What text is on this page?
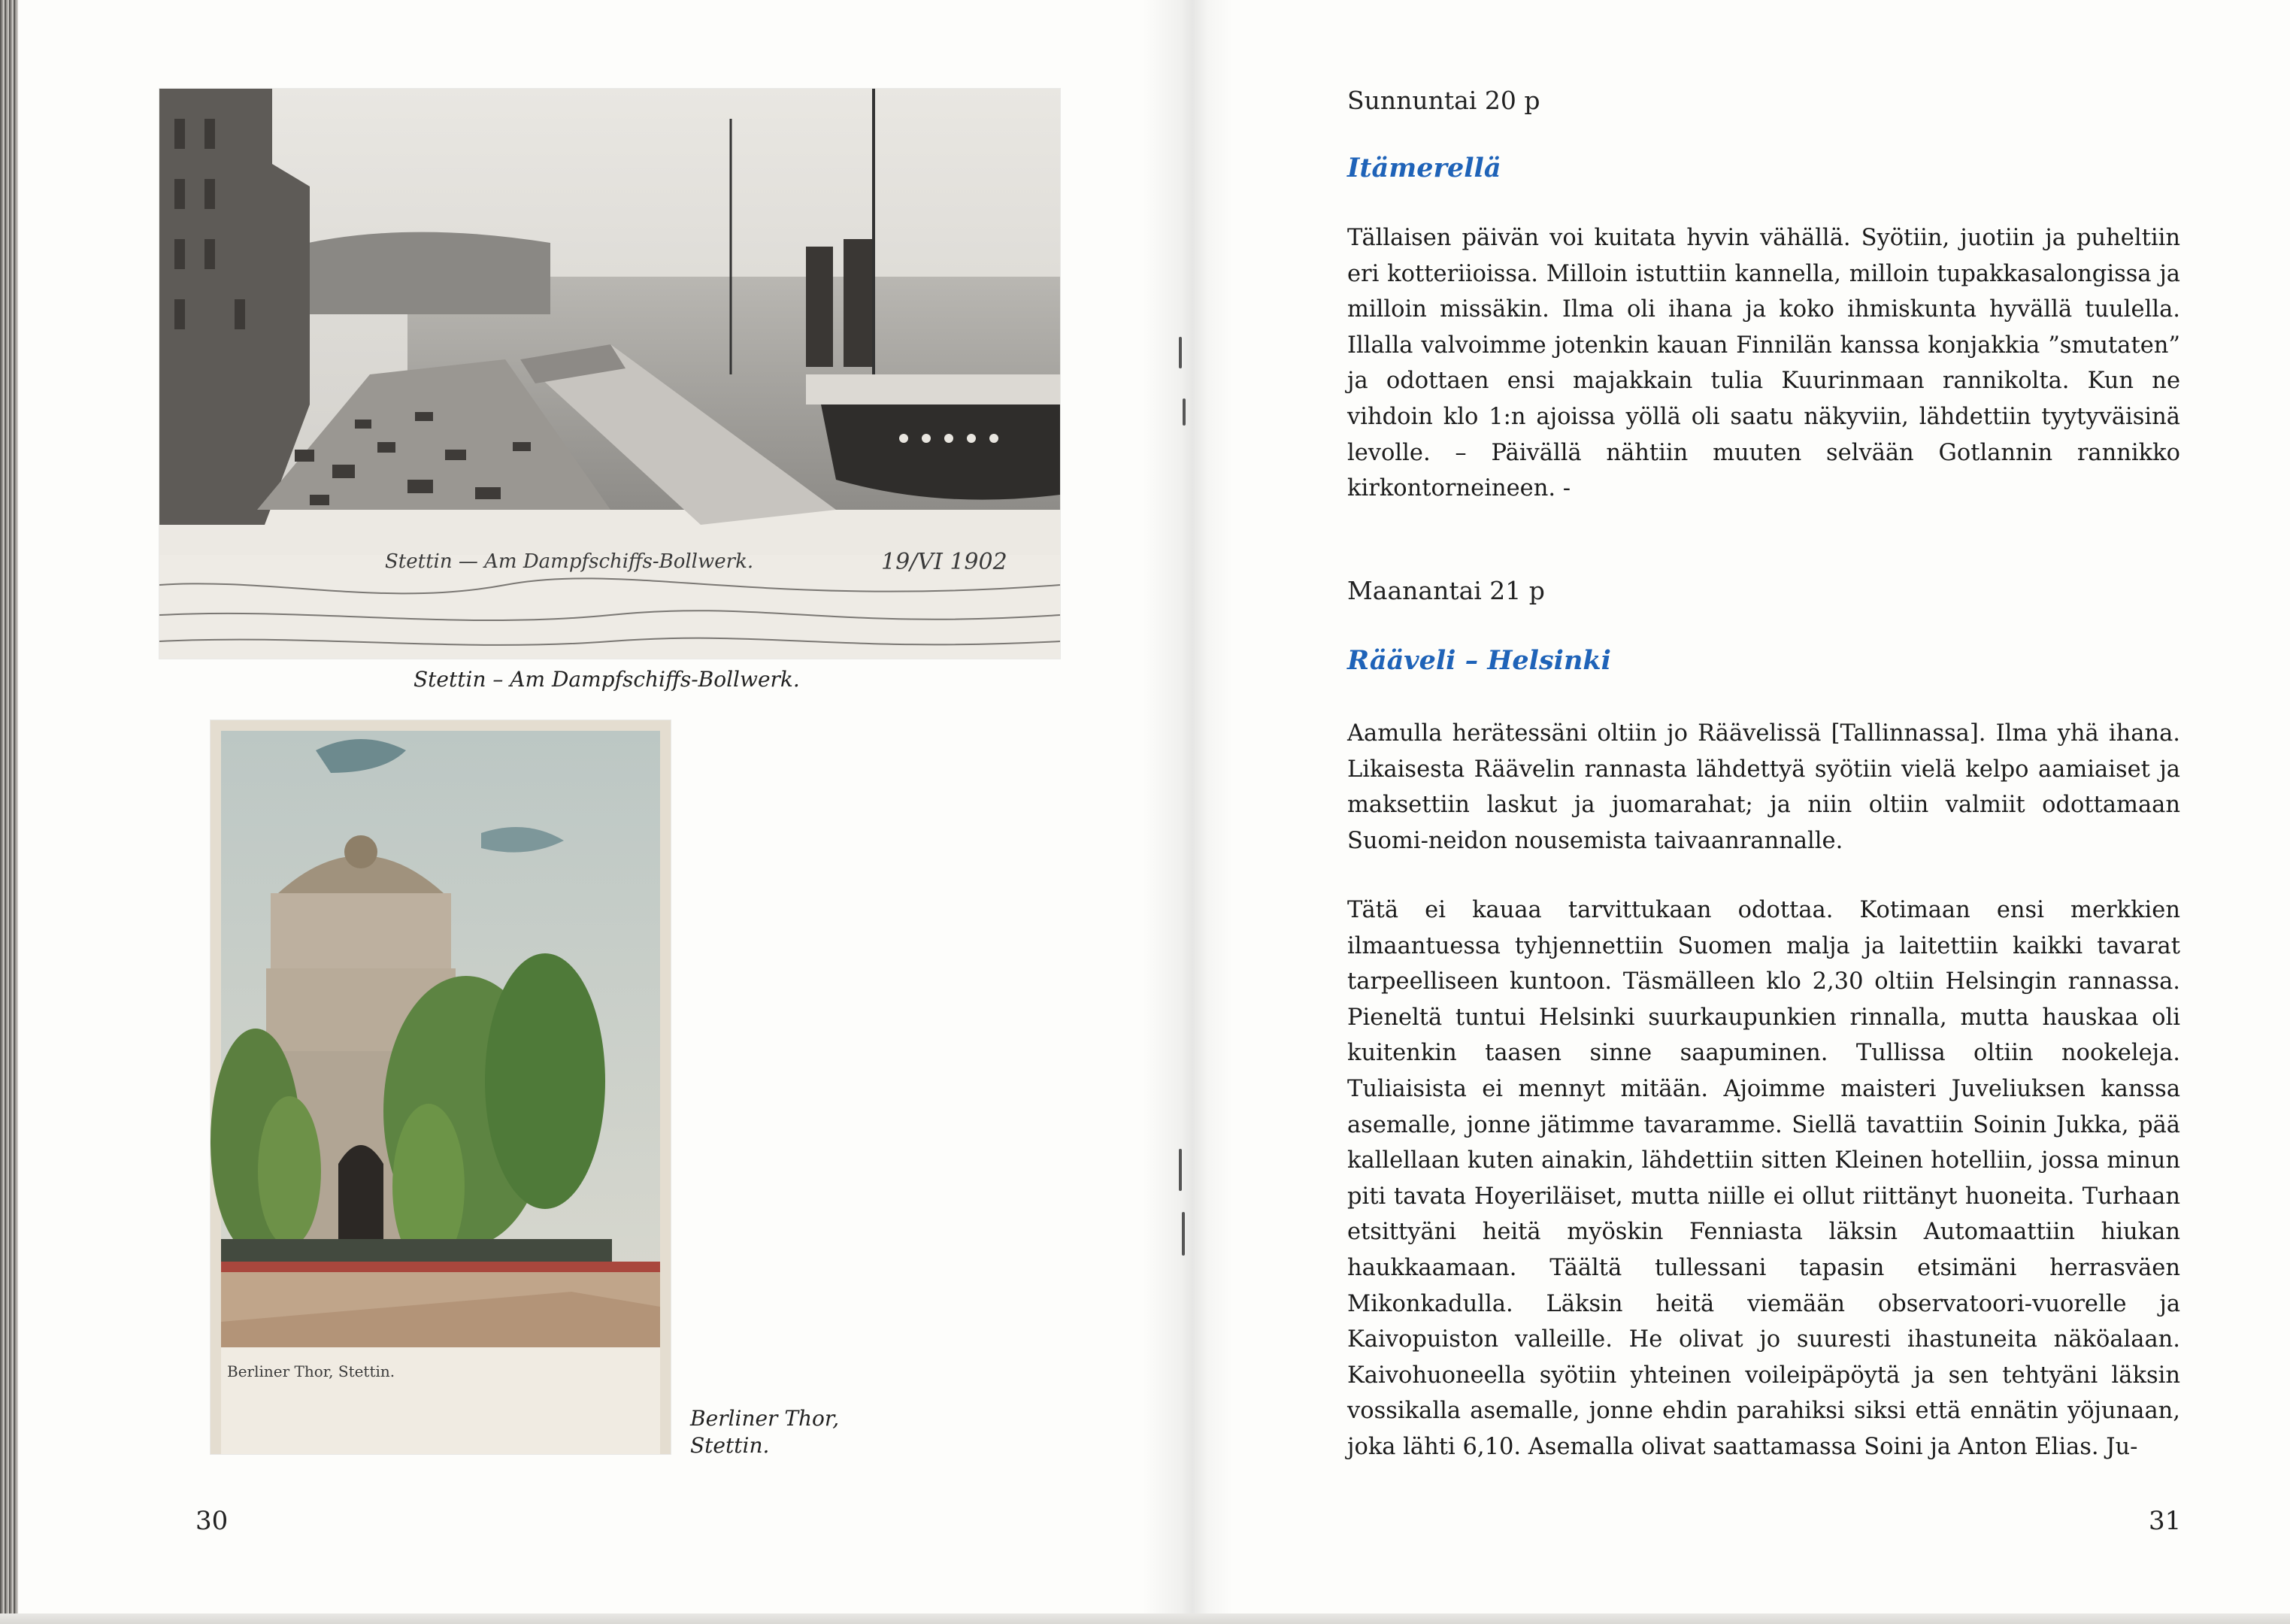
Stettin — Am Dampfschiffs-Bollwerk.	19/VI 1902
Stettin – Am Dampfschiffs-Bollwerk.
Berliner Thor, Stettin.
Berliner Thor,
Stettin.
30
Sunnuntai 20 p
Itämerellä
Tällaisen päivän voi kuitata hyvin vähällä. Syötiin, juotiin ja puheltiin eri kotteriioissa. Milloin istuttiin kannella, milloin tupakkasalongissa ja milloin missäkin. Ilma oli ihana ja koko ihmiskunta hyvällä tuulella. Illalla valvoimme jotenkin kauan Finnilän kanssa konjakkia ”smutaten” ja odottaen ensi majakkain tulia Kuurinmaan rannikolta. Kun ne vihdoin klo 1:n ajoissa yöllä oli saatu näkyviin, lähdettiin tyytyväisinä levolle. – Päivällä nähtiin muuten selvään Gotlannin rannikko kirkontorneineen. -
Maanantai 21 p
Rääveli – Helsinki
Aamulla herätessäni oltiin jo Räävelissä [Tallinnassa]. Ilma yhä ihana. Likaisesta Räävelin rannasta lähdettyä syötiin vielä kelpo aamiaiset ja maksettiin laskut ja juomarahat; ja niin oltiin valmiit odottamaan Suomi-neidon nousemista taivaanrannalle.
Tätä ei kauaa tarvittukaan odottaa. Kotimaan ensi merkkien ilmaantuessa tyhjennettiin Suomen malja ja laitettiin kaikki tavarat tarpeelliseen kuntoon. Täsmälleen klo 2,30 oltiin Helsingin rannassa. Pieneltä tuntui Helsinki suurkaupunkien rinnalla, mutta hauskaa oli kuitenkin taasen sinne saapuminen. Tullissa oltiin nookeleja. Tuliaisista ei mennyt mitään. Ajoimme maisteri Juveliuksen kanssa asemalle, jonne jätimme tavaramme. Siellä tavattiin Soinin Jukka, pää kallellaan kuten ainakin, lähdettiin sitten Kleinen hotelliin, jossa minun piti tavata Hoyeriläiset, mutta niille ei ollut riittänyt huoneita. Turhaan etsittyäni heitä myöskin Fenniasta läksin Automaattiin hiukan haukkaamaan. Täältä tullessani tapasin etsimäni herrasväen Mikonkadulla. Läksin heitä viemään observatoori-vuorelle ja Kaivopuiston valleille. He olivat jo suuresti ihastuneita näköalaan. Kaivohuoneella syötiin yhteinen voileipäpöytä ja sen tehtyäni läksin vossikalla asemalle, jonne ehdin parahiksi siksi että ennätin yöjunaan, joka lähti 6,10. Asemalla olivat saattamassa Soini ja Anton Elias. Ju-
31
